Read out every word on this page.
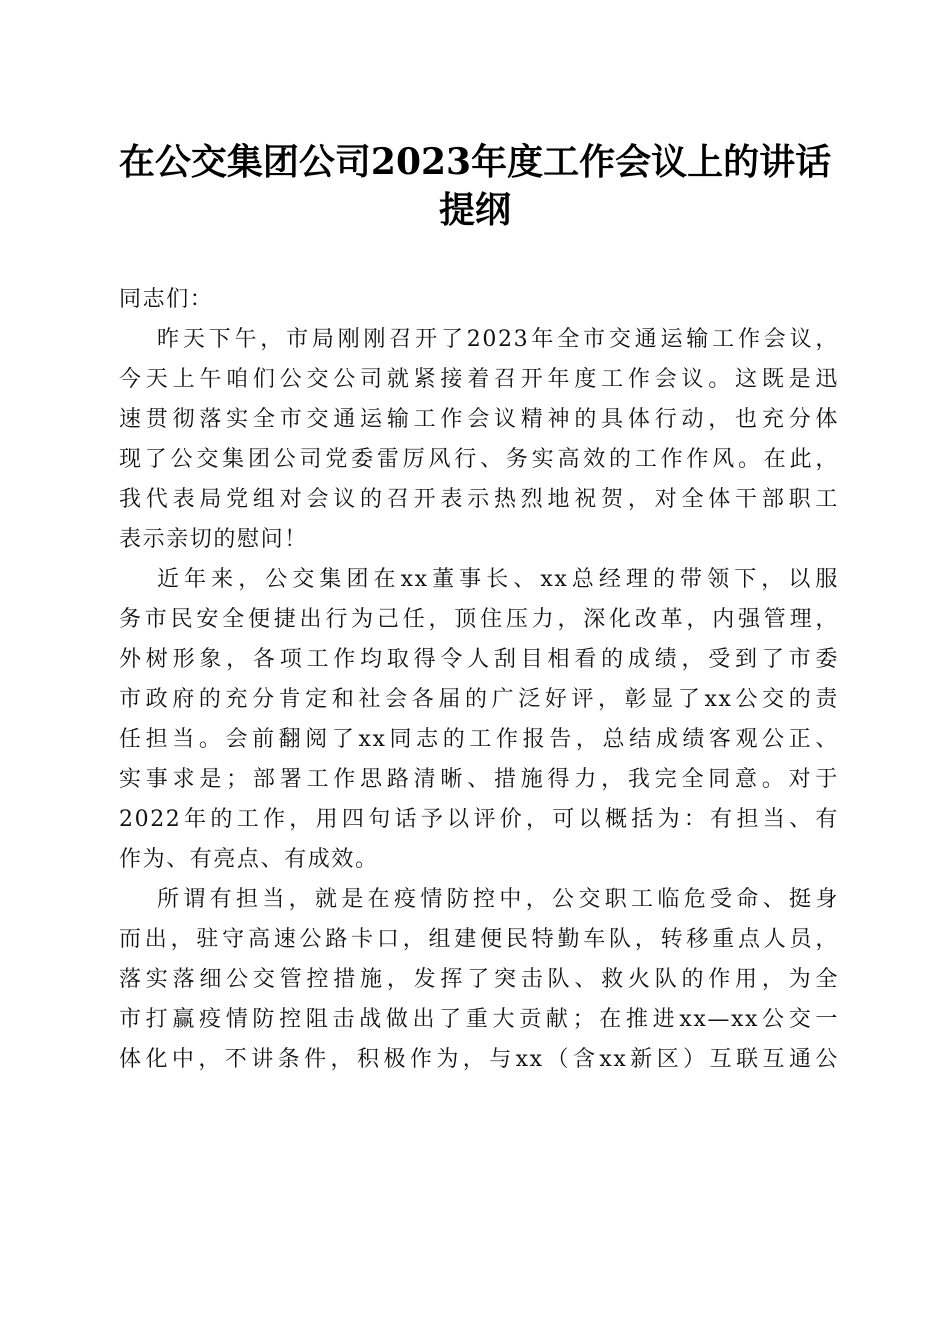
在公交集团公司2023年度工作会议上的讲话
提纲
同志们：
昨天下午，市局刚刚召开了2023年全市交通运输工作会议，
今天上午咱们公交公司就紧接着召开年度工作会议。这既是迅
速贯彻落实全市交通运输工作会议精神的具体行动，也充分体
现了公交集团公司党委雷厉风行、务实高效的工作作风。在此，
我代表局党组对会议的召开表示热烈地祝贺，对全体干部职工
表示亲切的慰问！
近年来，公交集团在xx董事长、xx总经理的带领下，以服
务市民安全便捷出行为己任，顶住压力，深化改革，内强管理，
外树形象，各项工作均取得令人刮目相看的成绩，受到了市委
市政府的充分肯定和社会各届的广泛好评，彰显了xx公交的责
任担当。会前翻阅了xx同志的工作报告，总结成绩客观公正、
实事求是；部署工作思路清晰、措施得力，我完全同意。对于
2022年的工作，用四句话予以评价，可以概括为：有担当、有
作为、有亮点、有成效。
所谓有担当，就是在疫情防控中，公交职工临危受命、挺身
而出，驻守高速公路卡口，组建便民特勤车队，转移重点人员，
落实落细公交管控措施，发挥了突击队、救火队的作用，为全
市打赢疫情防控阻击战做出了重大贡献；在推进xx—xx公交一
体化中，不讲条件，积极作为，与xx（含xx新区）互联互通公
